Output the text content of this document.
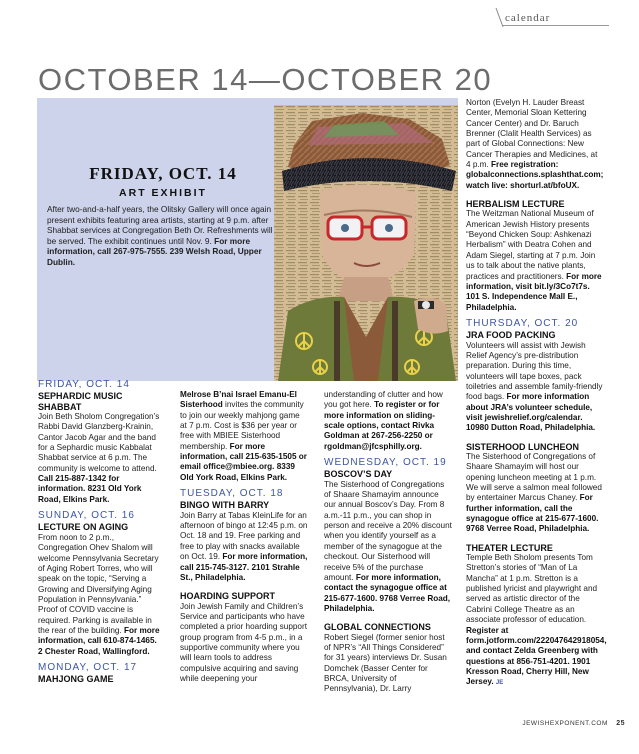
calendar
OCTOBER 14—OCTOBER 20
FRIDAY, OCT. 14
ART EXHIBIT
After two-and-a-half years, the Olitsky Gallery will once again present exhibits featuring area artists, starting at 9 p.m. after Shabbat services at Congregation Beth Or. Refreshments will be served. The exhibit continues until Nov. 9. For more information, call 267-975-7555. 239 Welsh Road, Upper Dublin.
FRIDAY, OCT. 14
SEPHARDIC MUSIC SHABBAT
Join Beth Sholom Congregation’s Rabbi David Glanzberg-Krainin, Cantor Jacob Agar and the band for a Sephardic music Kabbalat Shabbat service at 6 p.m. The community is welcome to attend. Call 215-887-1342 for information. 8231 Old York Road, Elkins Park.
SUNDAY, OCT. 16
LECTURE ON AGING
From noon to 2 p.m., Congregation Ohev Shalom will welcome Pennsylvania Secretary of Aging Robert Torres, who will speak on the topic, “Serving a Growing and Diversifying Aging Population in Pennsylvania.” Proof of COVID vaccine is required. Parking is available in the rear of the building. For more information, call 610-874-1465. 2 Chester Road, Wallingford.
MONDAY, OCT. 17
MAHJONG GAME
Melrose B’nai Israel Emanu-El Sisterhood invites the community to join our weekly mahjong game at 7 p.m. Cost is $36 per year or free with MBIEE Sisterhood membership. For more information, call 215-635-1505 or email office@mbiee.org. 8339 Old York Road, Elkins Park.
TUESDAY, OCT. 18
BINGO WITH BARRY
Join Barry at Tabas KleinLife for an afternoon of bingo at 12:45 p.m. on Oct. 18 and 19. Free parking and free to play with snacks available on Oct. 19. For more information, call 215-745-3127. 2101 Strahle St., Philadelphia.
HOARDING SUPPORT
Join Jewish Family and Children’s Service and participants who have completed a prior hoarding support group program from 4-5 p.m., in a supportive community where you will learn tools to address compulsive acquiring and saving while deepening your
understanding of clutter and how you got here. To register or for more information on sliding-scale options, contact Rivka Goldman at 267-256-2250 or rgoldman@jfcsphilly.org.
WEDNESDAY, OCT. 19
BOSCOV’S DAY
The Sisterhood of Congregations of Shaare Shamayim announce our annual Boscov’s Day. From 8 a.m.-11 p.m., you can shop in person and receive a 20% discount when you identify yourself as a member of the synagogue at the checkout. Our Sisterhood will receive 5% of the purchase amount. For more information, contact the synagogue office at 215-677-1600. 9768 Verree Road, Philadelphia.
GLOBAL CONNECTIONS
Robert Siegel (former senior host of NPR’s “All Things Considered” for 31 years) interviews Dr. Susan Domchek (Basser Center for BRCA, University of Pennsylvania), Dr. Larry
Norton (Evelyn H. Lauder Breast Center, Memorial Sloan Kettering Cancer Center) and Dr. Baruch Brenner (Clalit Health Services) as part of Global Connections: New Cancer Therapies and Medicines, at 4 p.m. Free registration: globalconnections.splashthat.com; watch live: shorturl.at/bfoUX.
HERBALISM LECTURE
The Weitzman National Museum of American Jewish History presents “Beyond Chicken Soup: Ashkenazi Herbalism” with Deatra Cohen and Adam Siegel, starting at 7 p.m. Join us to talk about the native plants, practices and practitioners. For more information, visit bit.ly/3Co7t7s. 101 S. Independence Mall E., Philadelphia.
THURSDAY, OCT. 20
JRA FOOD PACKING
Volunteers will assist with Jewish Relief Agency’s pre-distribution preparation. During this time, volunteers will tape boxes, pack toiletries and assemble family-friendly food bags. For more information about JRA’s volunteer schedule, visit jewishrelief.org/calendar. 10980 Dutton Road, Philadelphia.
SISTERHOOD LUNCHEON
The Sisterhood of Congregations of Shaare Shamayim will host our opening luncheon meeting at 1 p.m. We will serve a salmon meal followed by entertainer Marcus Chaney. For further information, call the synagogue office at 215-677-1600. 9768 Verree Road, Philadelphia.
THEATER LECTURE
Temple Beth Sholom presents Tom Stretton’s stories of “Man of La Mancha” at 1 p.m. Stretton is a published lyricist and playwright and served as artistic director of the Cabrini College Theatre as an associate professor of education. Register at form.jotform.com/222047642918054, and contact Zelda Greenberg with questions at 856-751-4201. 1901 Kresson Road, Cherry Hill, New Jersey. JE
JEWISHEXPONENT.COM 25
